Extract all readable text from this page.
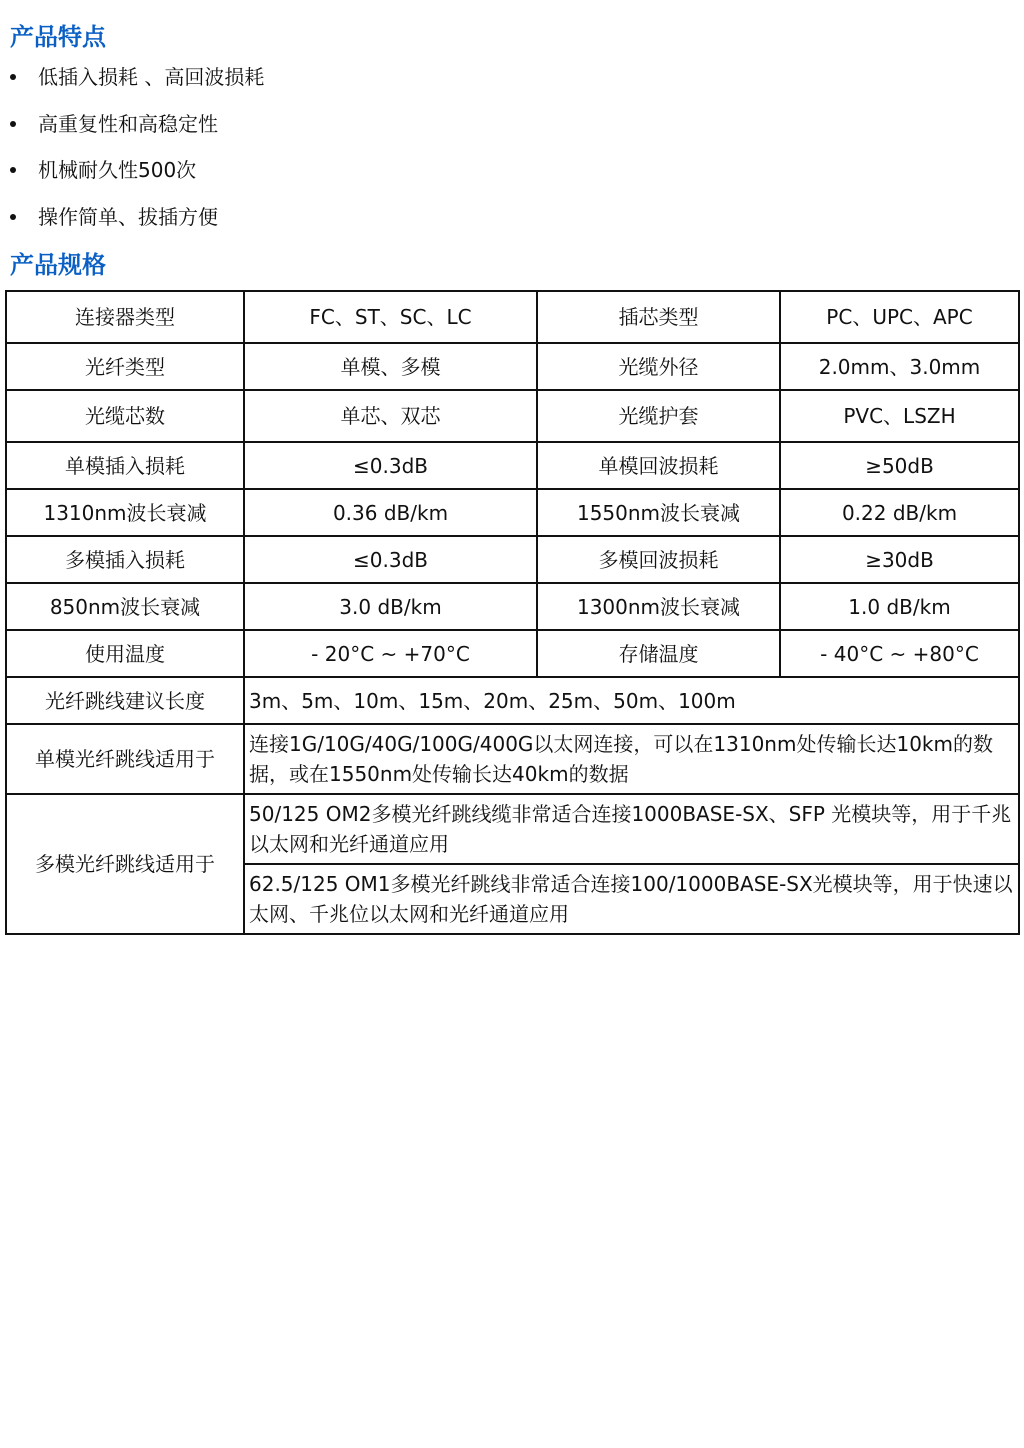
产品特点
低插入损耗 、高回波损耗
高重复性和高稳定性
机械耐久性500次
操作简单、拔插方便
产品规格
连接器类型	FC、ST、SC、LC	插芯类型	PC、UPC、APC
光纤类型	单模、多模	光缆外径	2.0mm、3.0mm
光缆芯数	单芯、双芯	光缆护套	PVC、LSZH
单模插入损耗	≤0.3dB	单模回波损耗	≥50dB
1310nm波长衰减	0.36 dB/km	1550nm波长衰减	0.22 dB/km
多模插入损耗	≤0.3dB	多模回波损耗	≥30dB
850nm波长衰减	3.0 dB/km	1300nm波长衰减	1.0 dB/km
使用温度	- 20°C ~ +70°C	存储温度	- 40°C ~ +80°C
光纤跳线建议长度	3m、5m、10m、15m、20m、25m、50m、100m		
单模光纤跳线适用于	连接1G/10G/40G/100G/400G以太网连接，可以在1310nm处传输长达10km的数据，或在1550nm处传输长达40km的数据		
多模光纤跳线适用于	50/125 OM2多模光纤跳线缆非常适合连接1000BASE-SX、SFP 光模块等，用于千兆以太网和光纤通道应用		
	62.5/125 OM1多模光纤跳线非常适合连接100/1000BASE-SX光模块等，用于快速以太网、千兆位以太网和光纤通道应用		
